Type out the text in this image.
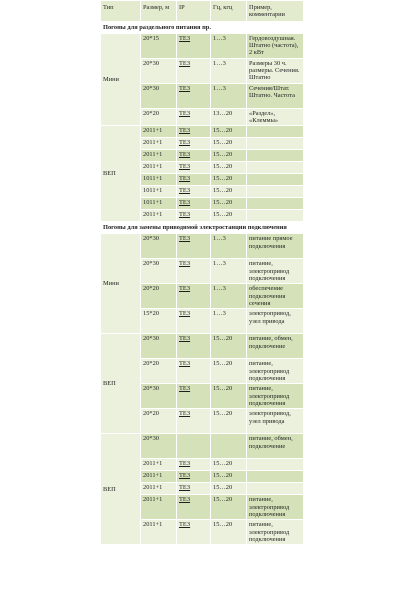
Тип	Размер, м	IP	Гц, кгц	Пример, комментарии
Погоны для раздельного питания пр.				
Мини	20*15	ТЕЗ	1…3	Гердовоздушная. Штатно (частота), 2 кВт
	20*30	ТЕЗ	1…3	Размеры 30 ч. размеры. Сечения. Штатно
	20*30	ТЕЗ	1…3	Сечения/Штат. Штатно. Частота
	20*20	ТЕЗ	13…20	«Раздел», «Клеммы»
ВЕП	2011+1	ТЕЗ	15…20	
	2011+1	ТЕЗ	15…20	
	2011+1	ТЕЗ	15…20	
	2011+1	ТЕЗ	15…20	
	1011+1	ТЕЗ	15…20	
	1011+1	ТЕЗ	15…20	
	1011+1	ТЕЗ	15…20	
	2011+1	ТЕЗ	15…20	
Погоны для замены приводимой электростанции подключения				
Мини	20*30	ТЕЗ	1…3	питание прямое подключения
	20*30	ТЕЗ	1…3	питание, электропривод подключения
	20*20	ТЕЗ	1…3	обеспечение подключения сечения
	15*20	ТЕЗ	1…3	электропривод, узел привода
ВЕП	20*30	ТЕЗ	15…20	питание, обмен, подключение
	20*20	ТЕЗ	15…20	питание, электропривод подключения
	20*30	ТЕЗ	15…20	питание, электропривод подключения
	20*20	ТЕЗ	15…20	электропривод, узел привода
ВЕП	20*30			питание, обмен, подключение
	2011+1	ТЕЗ	15…20	
	2011+1	ТЕЗ	15…20	
	2011+1	ТЕЗ	15…20	
	2011+1	ТЕЗ	15…20	питание, электропривод подключения
	2011+1	ТЕЗ	15…20	питание, электропривод подключения
